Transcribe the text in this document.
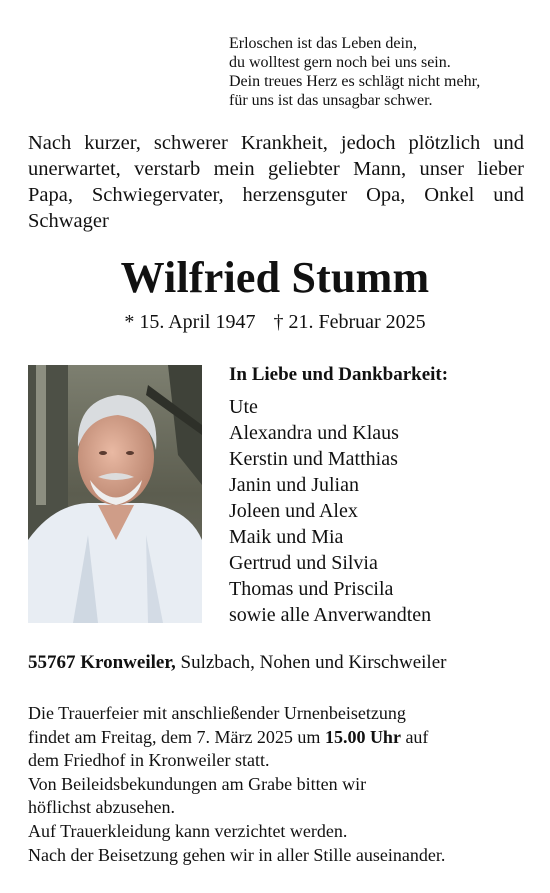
Erloschen ist das Leben dein,
du wolltest gern noch bei uns sein.
Dein treues Herz es schlägt nicht mehr,
für uns ist das unsagbar schwer.
Nach kurzer, schwerer Krankheit, jedoch plötzlich und unerwartet, verstarb mein geliebter Mann, unser lieber Papa, Schwiegervater, herzensguter Opa, Onkel und Schwager
Wilfried Stumm
* 15. April 1947 † 21. Februar 2025
In Liebe und Dankbarkeit:
Ute
Alexandra und Klaus
Kerstin und Matthias
Janin und Julian
Joleen und Alex
Maik und Mia
Gertrud und Silvia
Thomas und Priscila
sowie alle Anverwandten
55767 Kronweiler, Sulzbach, Nohen und Kirschweiler
Die Trauerfeier mit anschließender Urnenbeisetzung
findet am Freitag, dem 7. März 2025 um 15.00 Uhr auf
dem Friedhof in Kronweiler statt.
Von Beileidsbekundungen am Grabe bitten wir
höflichst abzusehen.
Auf Trauerkleidung kann verzichtet werden.
Nach der Beisetzung gehen wir in aller Stille auseinander.
